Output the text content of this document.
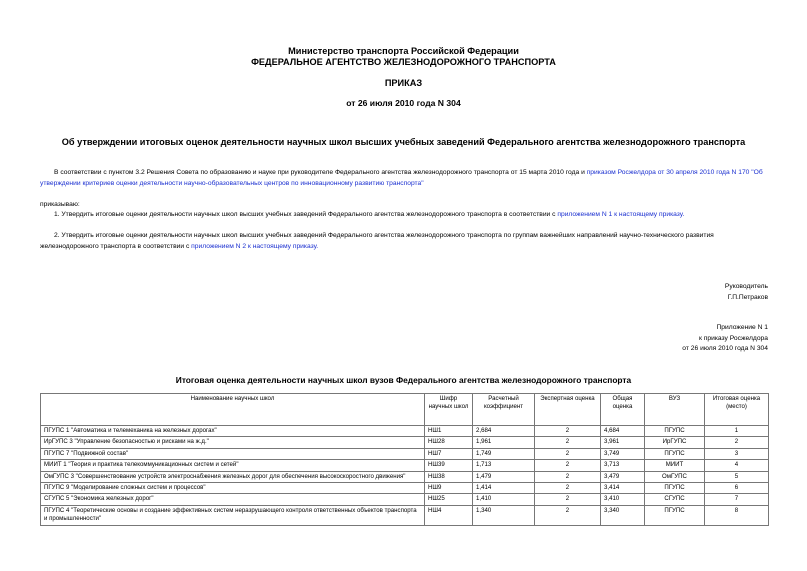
Министерство транспорта Российской Федерации
ФЕДЕРАЛЬНОЕ АГЕНТСТВО ЖЕЛЕЗНОДОРОЖНОГО ТРАНСПОРТА
ПРИКАЗ
от 26 июля 2010 года N 304
Об утверждении итоговых оценок деятельности научных школ высших учебных заведений Федерального агентства железнодорожного транспорта
В соответствии с пунктом 3.2 Решения Совета по образованию и науке при руководителе Федерального агентства железнодорожного транспорта от 15 марта 2010 года и приказом Росжелдора от 30 апреля 2010 года N 170 "Об утверждении критериев оценки деятельности научно-образовательных центров по инновационному развитию транспорта"
приказываю:
1. Утвердить итоговые оценки деятельности научных школ высших учебных заведений Федерального агентства железнодорожного транспорта в соответствии с приложением N 1 к настоящему приказу.
2. Утвердить итоговые оценки деятельности научных школ высших учебных заведений Федерального агентства железнодорожного транспорта по группам важнейших направлений научно-технического развития железнодорожного транспорта в соответствии с приложением N 2 к настоящему приказу.
Руководитель
Г.П.Петраков
Приложение N 1
к приказу Росжелдора
от 26 июля 2010 года N 304
Итоговая оценка деятельности научных школ вузов Федерального агентства железнодорожного транспорта
Наименование научных школ	Шифр научных школ	Расчетный коэффициент	Экспертная оценка	Общая оценка	ВУЗ	Итоговая оценка (место)
ПГУПС 1 "Автоматика и телемеханика на железных дорогах"	НШ1	2,684	2	4,684	ПГУПС	1
ИрГУПС 3 "Управление безопасностью и рисками на ж.д."	НШ28	1,961	2	3,961	ИрГУПС	2
ПГУПС 7 "Подвижной состав"	НШ7	1,749	2	3,749	ПГУПС	3
МИИТ 1 "Теория и практика телекоммуникационных систем и сетей"	НШ39	1,713	2	3,713	МИИТ	4
ОмГУПС 3 "Совершенствование устройств электроснабжения железных дорог для обеспечения высокоскоростного движения"	НШ38	1,479	2	3,479	ОмГУПС	5
ПГУПС 9 "Моделирование сложных систем и процессов"	НШ9	1,414	2	3,414	ПГУПС	6
СГУПС 5 "Экономика железных дорог"	НШ25	1,410	2	3,410	СГУПС	7
ПГУПС 4 "Теоретические основы и создание эффективных систем неразрушающего контроля ответственных объектов транспорта и промышленности"	НШ4	1,340	2	3,340	ПГУПС	8
